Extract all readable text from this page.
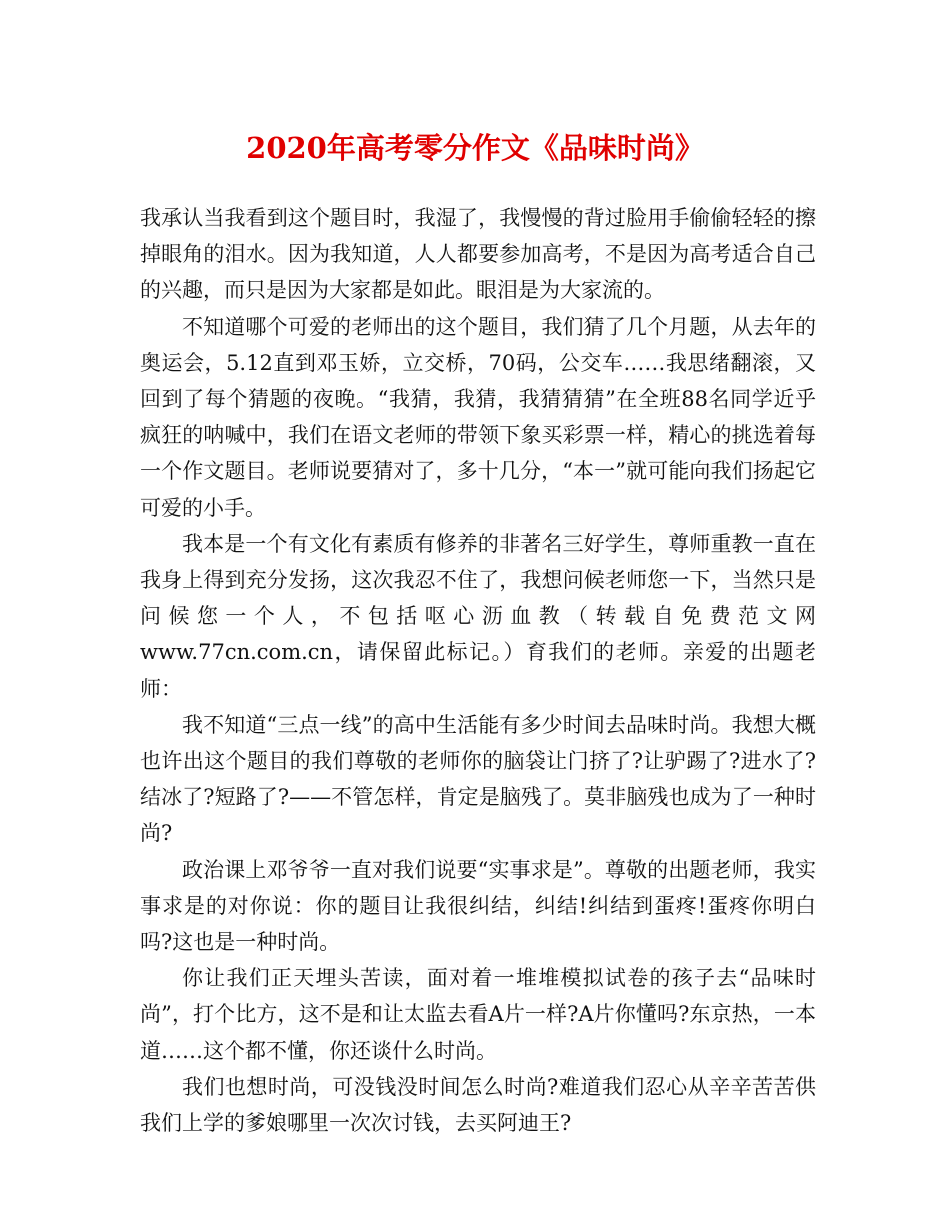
2020年高考零分作文《品味时尚》

我承认当我看到这个题目时，我湿了，我慢慢的背过脸用手偷偷轻轻的擦掉眼角的泪水。因为我知道，人人都要参加高考，不是因为高考适合自己的兴趣，而只是因为大家都是如此。眼泪是为大家流的。

不知道哪个可爱的老师出的这个题目，我们猜了几个月题，从去年的奥运会，5.12直到邓玉娇，立交桥，70码，公交车……我思绪翻滚，又回到了每个猜题的夜晚。“我猜，我猜，我猜猜猜”在全班88名同学近乎疯狂的呐喊中，我们在语文老师的带领下象买彩票一样，精心的挑选着每一个作文题目。老师说要猜对了，多十几分，“本一”就可能向我们扬起它可爱的小手。

我本是一个有文化有素质有修养的非著名三好学生，尊师重教一直在我身上得到充分发扬，这次我忍不住了，我想问候老师您一下，当然只是问候您一个人，不包括呕心沥血教（转载自免费范文网www.77cn.com.cn，请保留此标记。）育我们的老师。亲爱的出题老师：

我不知道“三点一线”的高中生活能有多少时间去品味时尚。我想大概也许出这个题目的我们尊敬的老师你的脑袋让门挤了?让驴踢了?进水了?结冰了?短路了?——不管怎样，肯定是脑残了。莫非脑残也成为了一种时尚?

政治课上邓爷爷一直对我们说要“实事求是”。尊敬的出题老师，我实事求是的对你说：你的题目让我很纠结，纠结!纠结到蛋疼!蛋疼你明白吗?这也是一种时尚。

你让我们正天埋头苦读，面对着一堆堆模拟试卷的孩子去“品味时尚”，打个比方，这不是和让太监去看A片一样?A片你懂吗?东京热，一本道……这个都不懂，你还谈什么时尚。

我们也想时尚，可没钱没时间怎么时尚?难道我们忍心从辛辛苦苦供我们上学的爹娘哪里一次次讨钱，去买阿迪王?
